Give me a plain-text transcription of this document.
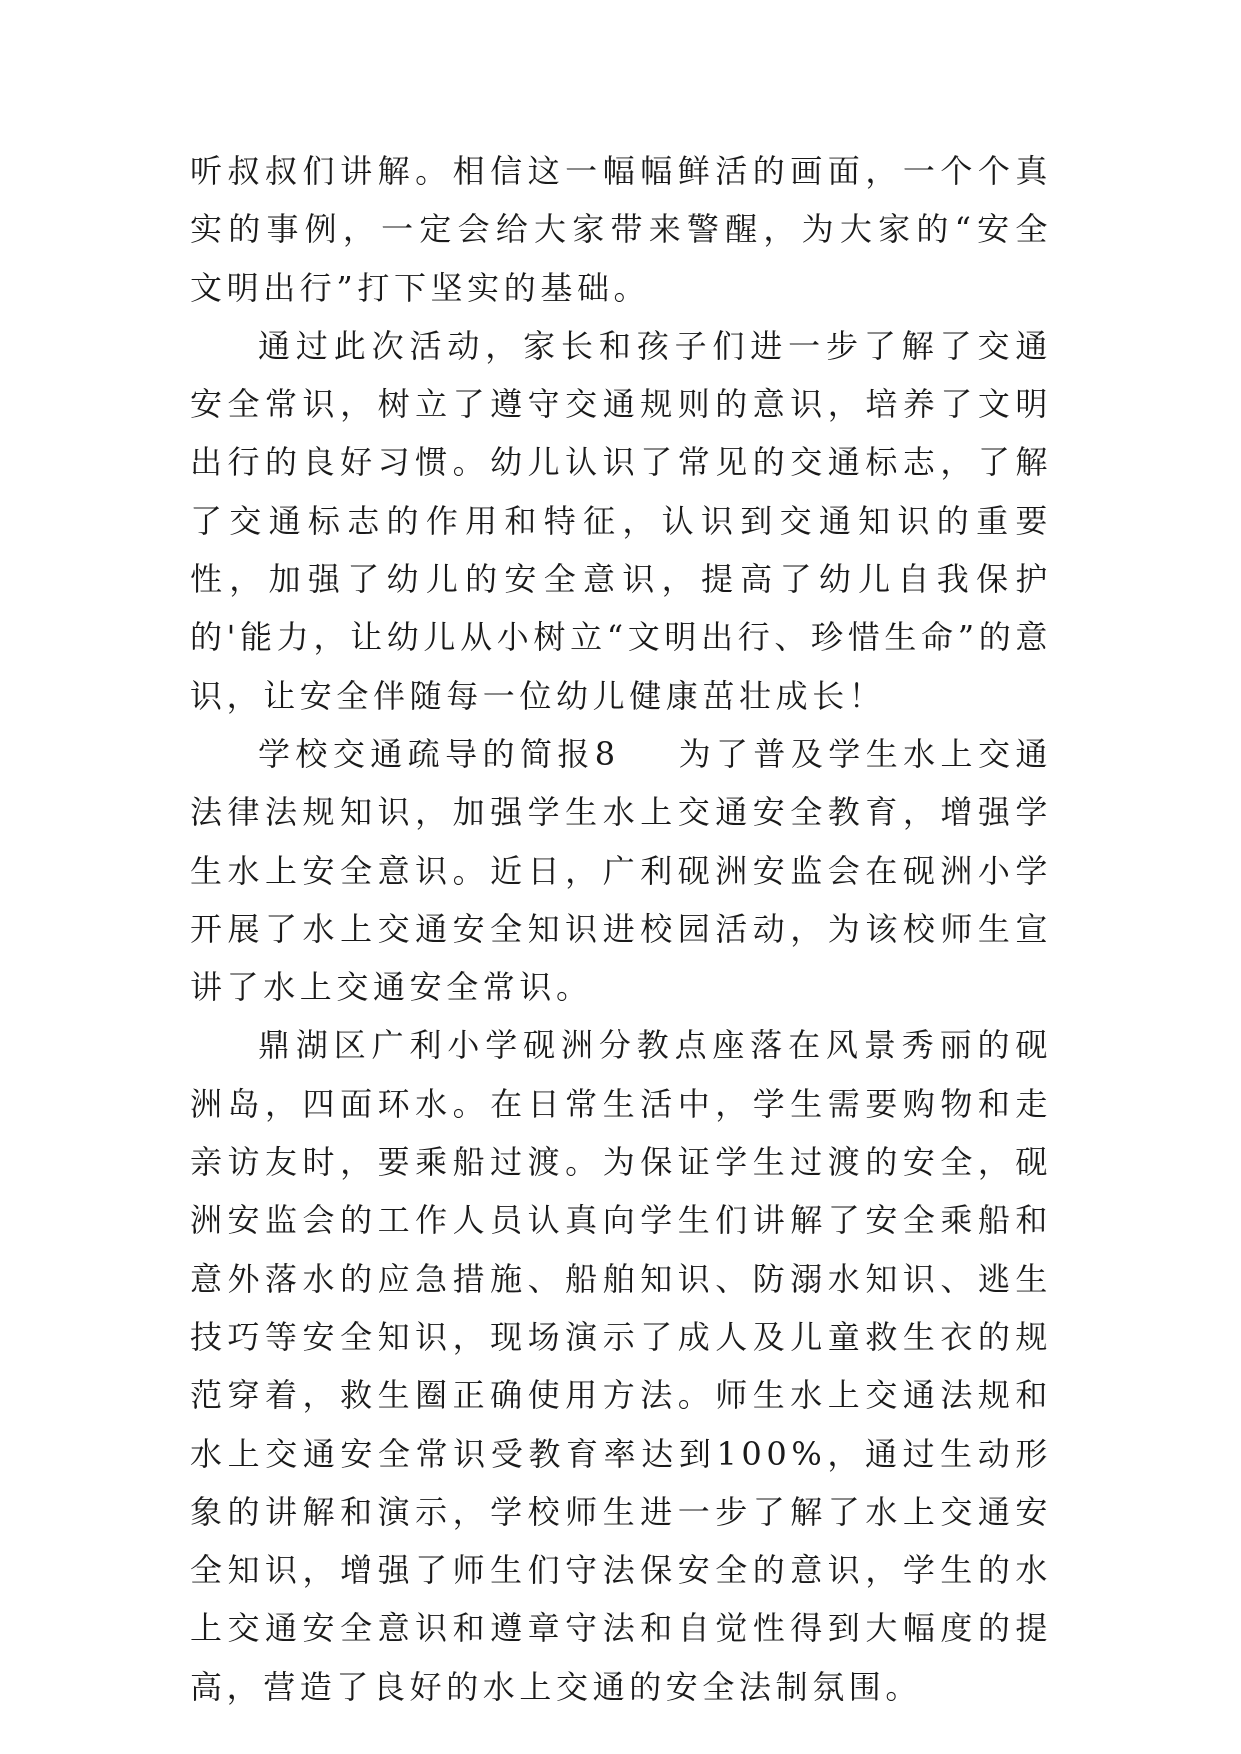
听叔叔们讲解。相信这一幅幅鲜活的画面，一个个真实的事例，一定会给大家带来警醒，为大家的“安全文明出行”打下坚实的基础。

通过此次活动，家长和孩子们进一步了解了交通安全常识，树立了遵守交通规则的意识，培养了文明出行的良好习惯。幼儿认识了常见的交通标志，了解了交通标志的作用和特征，认识到交通知识的重要性，加强了幼儿的安全意识，提高了幼儿自我保护的'能力，让幼儿从小树立“文明出行、珍惜生命”的意识，让安全伴随每一位幼儿健康茁壮成长！

学校交通疏导的简报8 为了普及学生水上交通法律法规知识，加强学生水上交通安全教育，增强学生水上安全意识。近日，广利砚洲安监会在砚洲小学开展了水上交通安全知识进校园活动，为该校师生宣讲了水上交通安全常识。

鼎湖区广利小学砚洲分教点座落在风景秀丽的砚洲岛，四面环水。在日常生活中，学生需要购物和走亲访友时，要乘船过渡。为保证学生过渡的安全，砚洲安监会的工作人员认真向学生们讲解了安全乘船和意外落水的应急措施、船舶知识、防溺水知识、逃生技巧等安全知识，现场演示了成人及儿童救生衣的规范穿着，救生圈正确使用方法。师生水上交通法规和水上交通安全常识受教育率达到100%，通过生动形象的讲解和演示，学校师生进一步了解了水上交通安全知识，增强了师生们守法保安全的意识，学生的水上交通安全意识和遵章守法和自觉性得到大幅度的提高，营造了良好的水上交通的安全法制氛围。
